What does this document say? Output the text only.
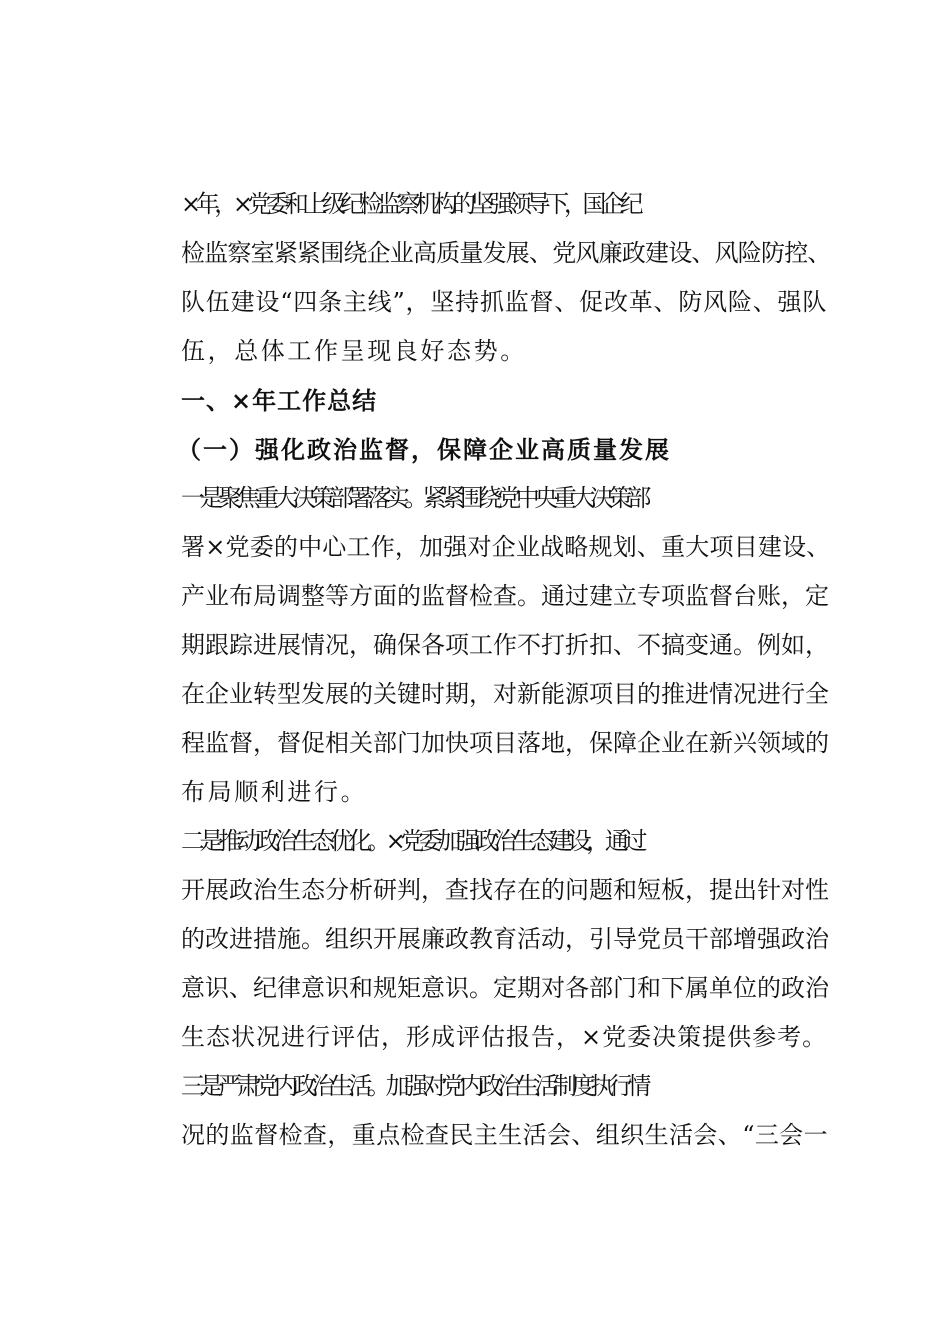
×年，×党委和上级纪检监察机构的坚强领导下，国企纪
检监察室紧紧围绕企业高质量发展、党风廉政建设、风险防控、
队伍建设“四条主线”，坚持抓监督、促改革、防风险、强队
伍，总体工作呈现良好态势。

一、×年工作总结
（一）强化政治监督，保障企业高质量发展

一是聚焦重大决策部署落实。紧紧围绕党中央重大决策部
署×党委的中心工作，加强对企业战略规划、重大项目建设、
产业布局调整等方面的监督检查。通过建立专项监督台账，定
期跟踪进展情况，确保各项工作不打折扣、不搞变通。例如，
在企业转型发展的关键时期，对新能源项目的推进情况进行全
程监督，督促相关部门加快项目落地，保障企业在新兴领域的
布局顺利进行。

二是推动政治生态优化。×党委加强政治生态建设，通过
开展政治生态分析研判，查找存在的问题和短板，提出针对性
的改进措施。组织开展廉政教育活动，引导党员干部增强政治
意识、纪律意识和规矩意识。定期对各部门和下属单位的政治
生态状况进行评估，形成评估报告，×党委决策提供参考。

三是严肃党内政治生活。加强对党内政治生活制度执行情
况的监督检查，重点检查民主生活会、组织生活会、“三会一
